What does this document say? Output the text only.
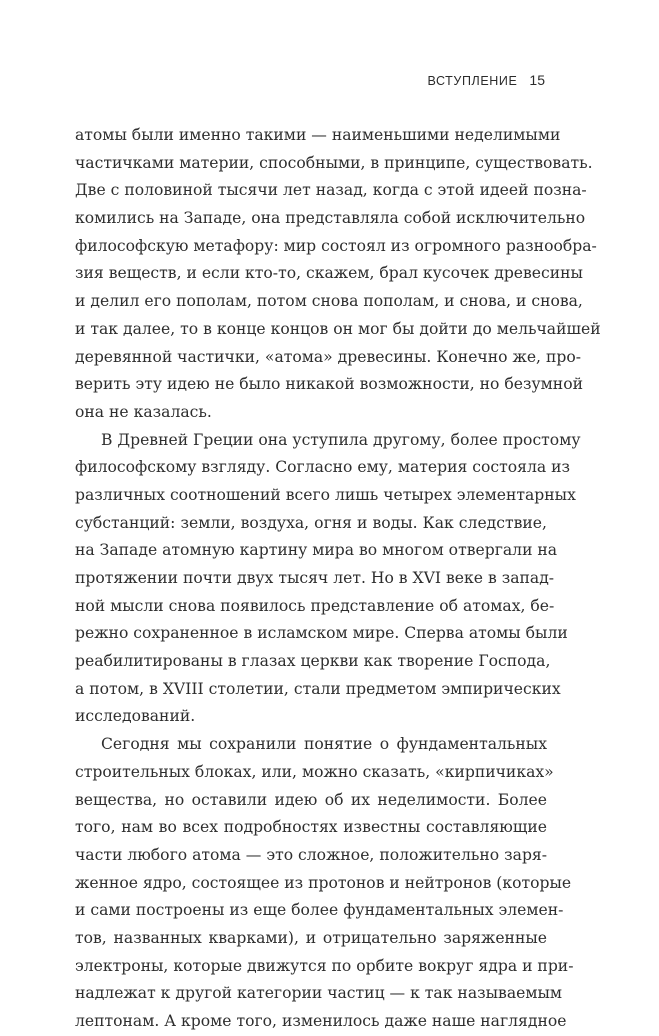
ВСТУПЛЕНИЕ 15
атомы были именно такими — наименьшими неделимыми
частичками материи, способными, в принципе, существовать.
Две с половиной тысячи лет назад, когда с этой идеей позна-
комились на Западе, она представляла собой исключительно
философскую метафору: мир состоял из огромного разнообра-
зия веществ, и если кто-то, скажем, брал кусочек древесины
и делил его пополам, потом снова пополам, и снова, и снова,
и так далее, то в конце концов он мог бы дойти до мельчайшей
деревянной частички, «атома» древесины. Конечно же, про-
верить эту идею не было никакой возможности, но безумной
она не казалась.
В Древней Греции она уступила другому, более простому
философскому взгляду. Согласно ему, материя состояла из
различных соотношений всего лишь четырех элементарных
субстанций: земли, воздуха, огня и воды. Как следствие,
на Западе атомную картину мира во многом отвергали на
протяжении почти двух тысяч лет. Но в XVI веке в запад-
ной мысли снова появилось представление об атомах, бе-
режно сохраненное в исламском мире. Сперва атомы были
реабилитированы в глазах церкви как творение Господа,
а потом, в XVIII столетии, стали предметом эмпирических
исследований.
Сегодня мы сохранили понятие о фундаментальных
строительных блоках, или, можно сказать, «кирпичиках»
вещества, но оставили идею об их неделимости. Более
того, нам во всех подробностях известны составляющие
части любого атома — это сложное, положительно заря-
женное ядро, состоящее из протонов и нейтронов (которые
и сами построены из еще более фундаментальных элемен-
тов, названных кварками), и отрицательно заряженные
электроны, которые движутся по орбите вокруг ядра и при-
надлежат к другой категории частиц — к так называемым
лептонам. А кроме того, изменилось даже наше наглядное
